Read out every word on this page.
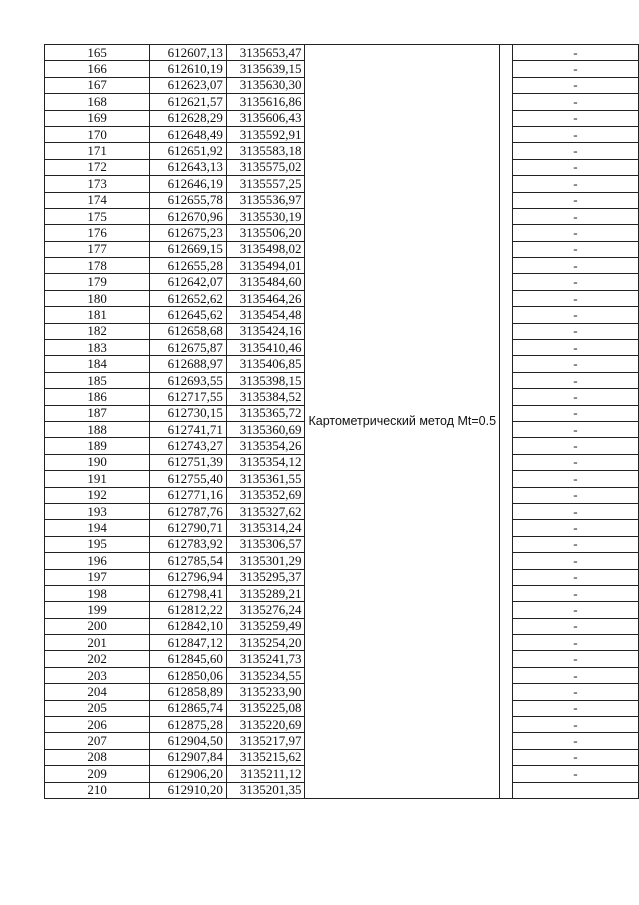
165	612607,13	3135653,47	Картометрический метод Mt=0.5		-
166	612610,19	3135639,15			-
167	612623,07	3135630,30			-
168	612621,57	3135616,86			-
169	612628,29	3135606,43			-
170	612648,49	3135592,91			-
171	612651,92	3135583,18			-
172	612643,13	3135575,02			-
173	612646,19	3135557,25			-
174	612655,78	3135536,97			-
175	612670,96	3135530,19			-
176	612675,23	3135506,20			-
177	612669,15	3135498,02			-
178	612655,28	3135494,01			-
179	612642,07	3135484,60			-
180	612652,62	3135464,26			-
181	612645,62	3135454,48			-
182	612658,68	3135424,16			-
183	612675,87	3135410,46			-
184	612688,97	3135406,85			-
185	612693,55	3135398,15			-
186	612717,55	3135384,52			-
187	612730,15	3135365,72			-
188	612741,71	3135360,69			-
189	612743,27	3135354,26			-
190	612751,39	3135354,12			-
191	612755,40	3135361,55			-
192	612771,16	3135352,69			-
193	612787,76	3135327,62			-
194	612790,71	3135314,24			-
195	612783,92	3135306,57			-
196	612785,54	3135301,29			-
197	612796,94	3135295,37			-
198	612798,41	3135289,21			-
199	612812,22	3135276,24			-
200	612842,10	3135259,49			-
201	612847,12	3135254,20			-
202	612845,60	3135241,73			-
203	612850,06	3135234,55			-
204	612858,89	3135233,90			-
205	612865,74	3135225,08			-
206	612875,28	3135220,69			-
207	612904,50	3135217,97			-
208	612907,84	3135215,62			-
209	612906,20	3135211,12			-
210	612910,20	3135201,35			
